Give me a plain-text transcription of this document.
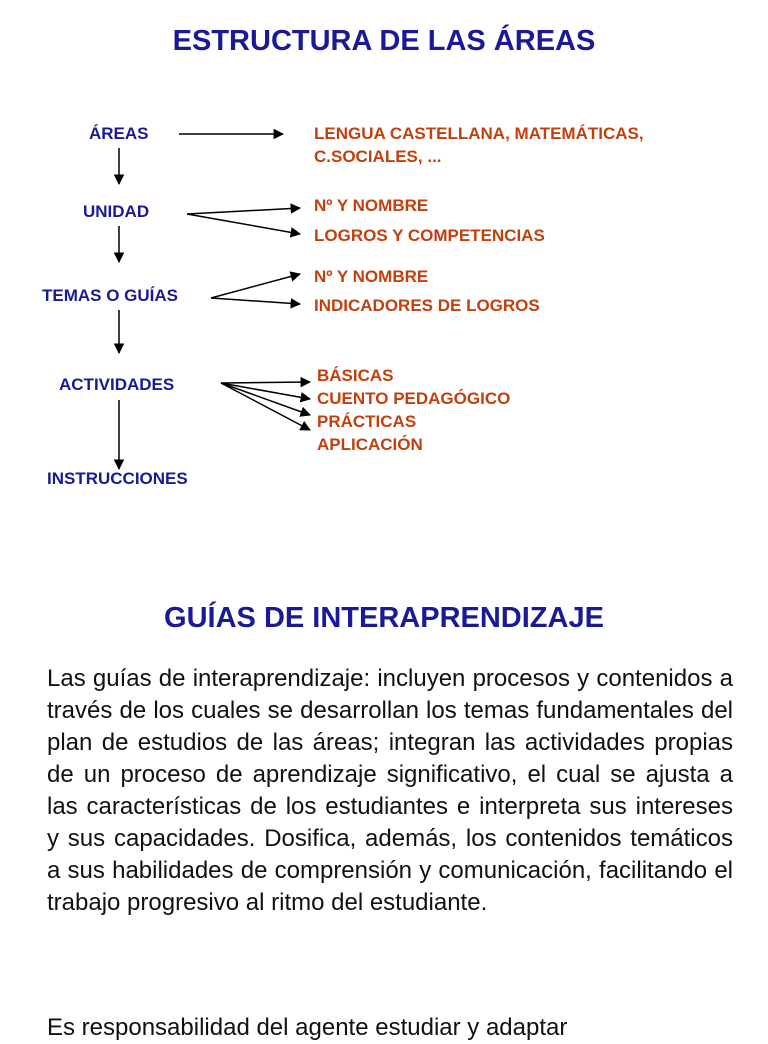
ESTRUCTURA DE LAS ÁREAS
ÁREAS
UNIDAD
TEMAS O GUÍAS
ACTIVIDADES
INSTRUCCIONES
LENGUA CASTELLANA, MATEMÁTICAS,
C.SOCIALES, ...
Nº Y NOMBRE
LOGROS Y COMPETENCIAS
Nº Y NOMBRE
INDICADORES DE LOGROS
BÁSICAS
CUENTO PEDAGÓGICO
PRÁCTICAS
APLICACIÓN
GUÍAS DE INTERAPRENDIZAJE

Las guías de interaprendizaje: incluyen procesos y contenidos a través de los cuales se desarrollan los temas fundamentales del plan de estudios de las áreas; integran las actividades propias de un proceso de aprendizaje significativo, el cual se ajusta a las características de los estudiantes e interpreta sus intereses y sus capacidades. Dosifica, además, los contenidos temáticos a sus habilidades de comprensión y comunicación, facilitando el trabajo progresivo al ritmo del estudiante.

Es responsabilidad del agente estudiar y adaptar
